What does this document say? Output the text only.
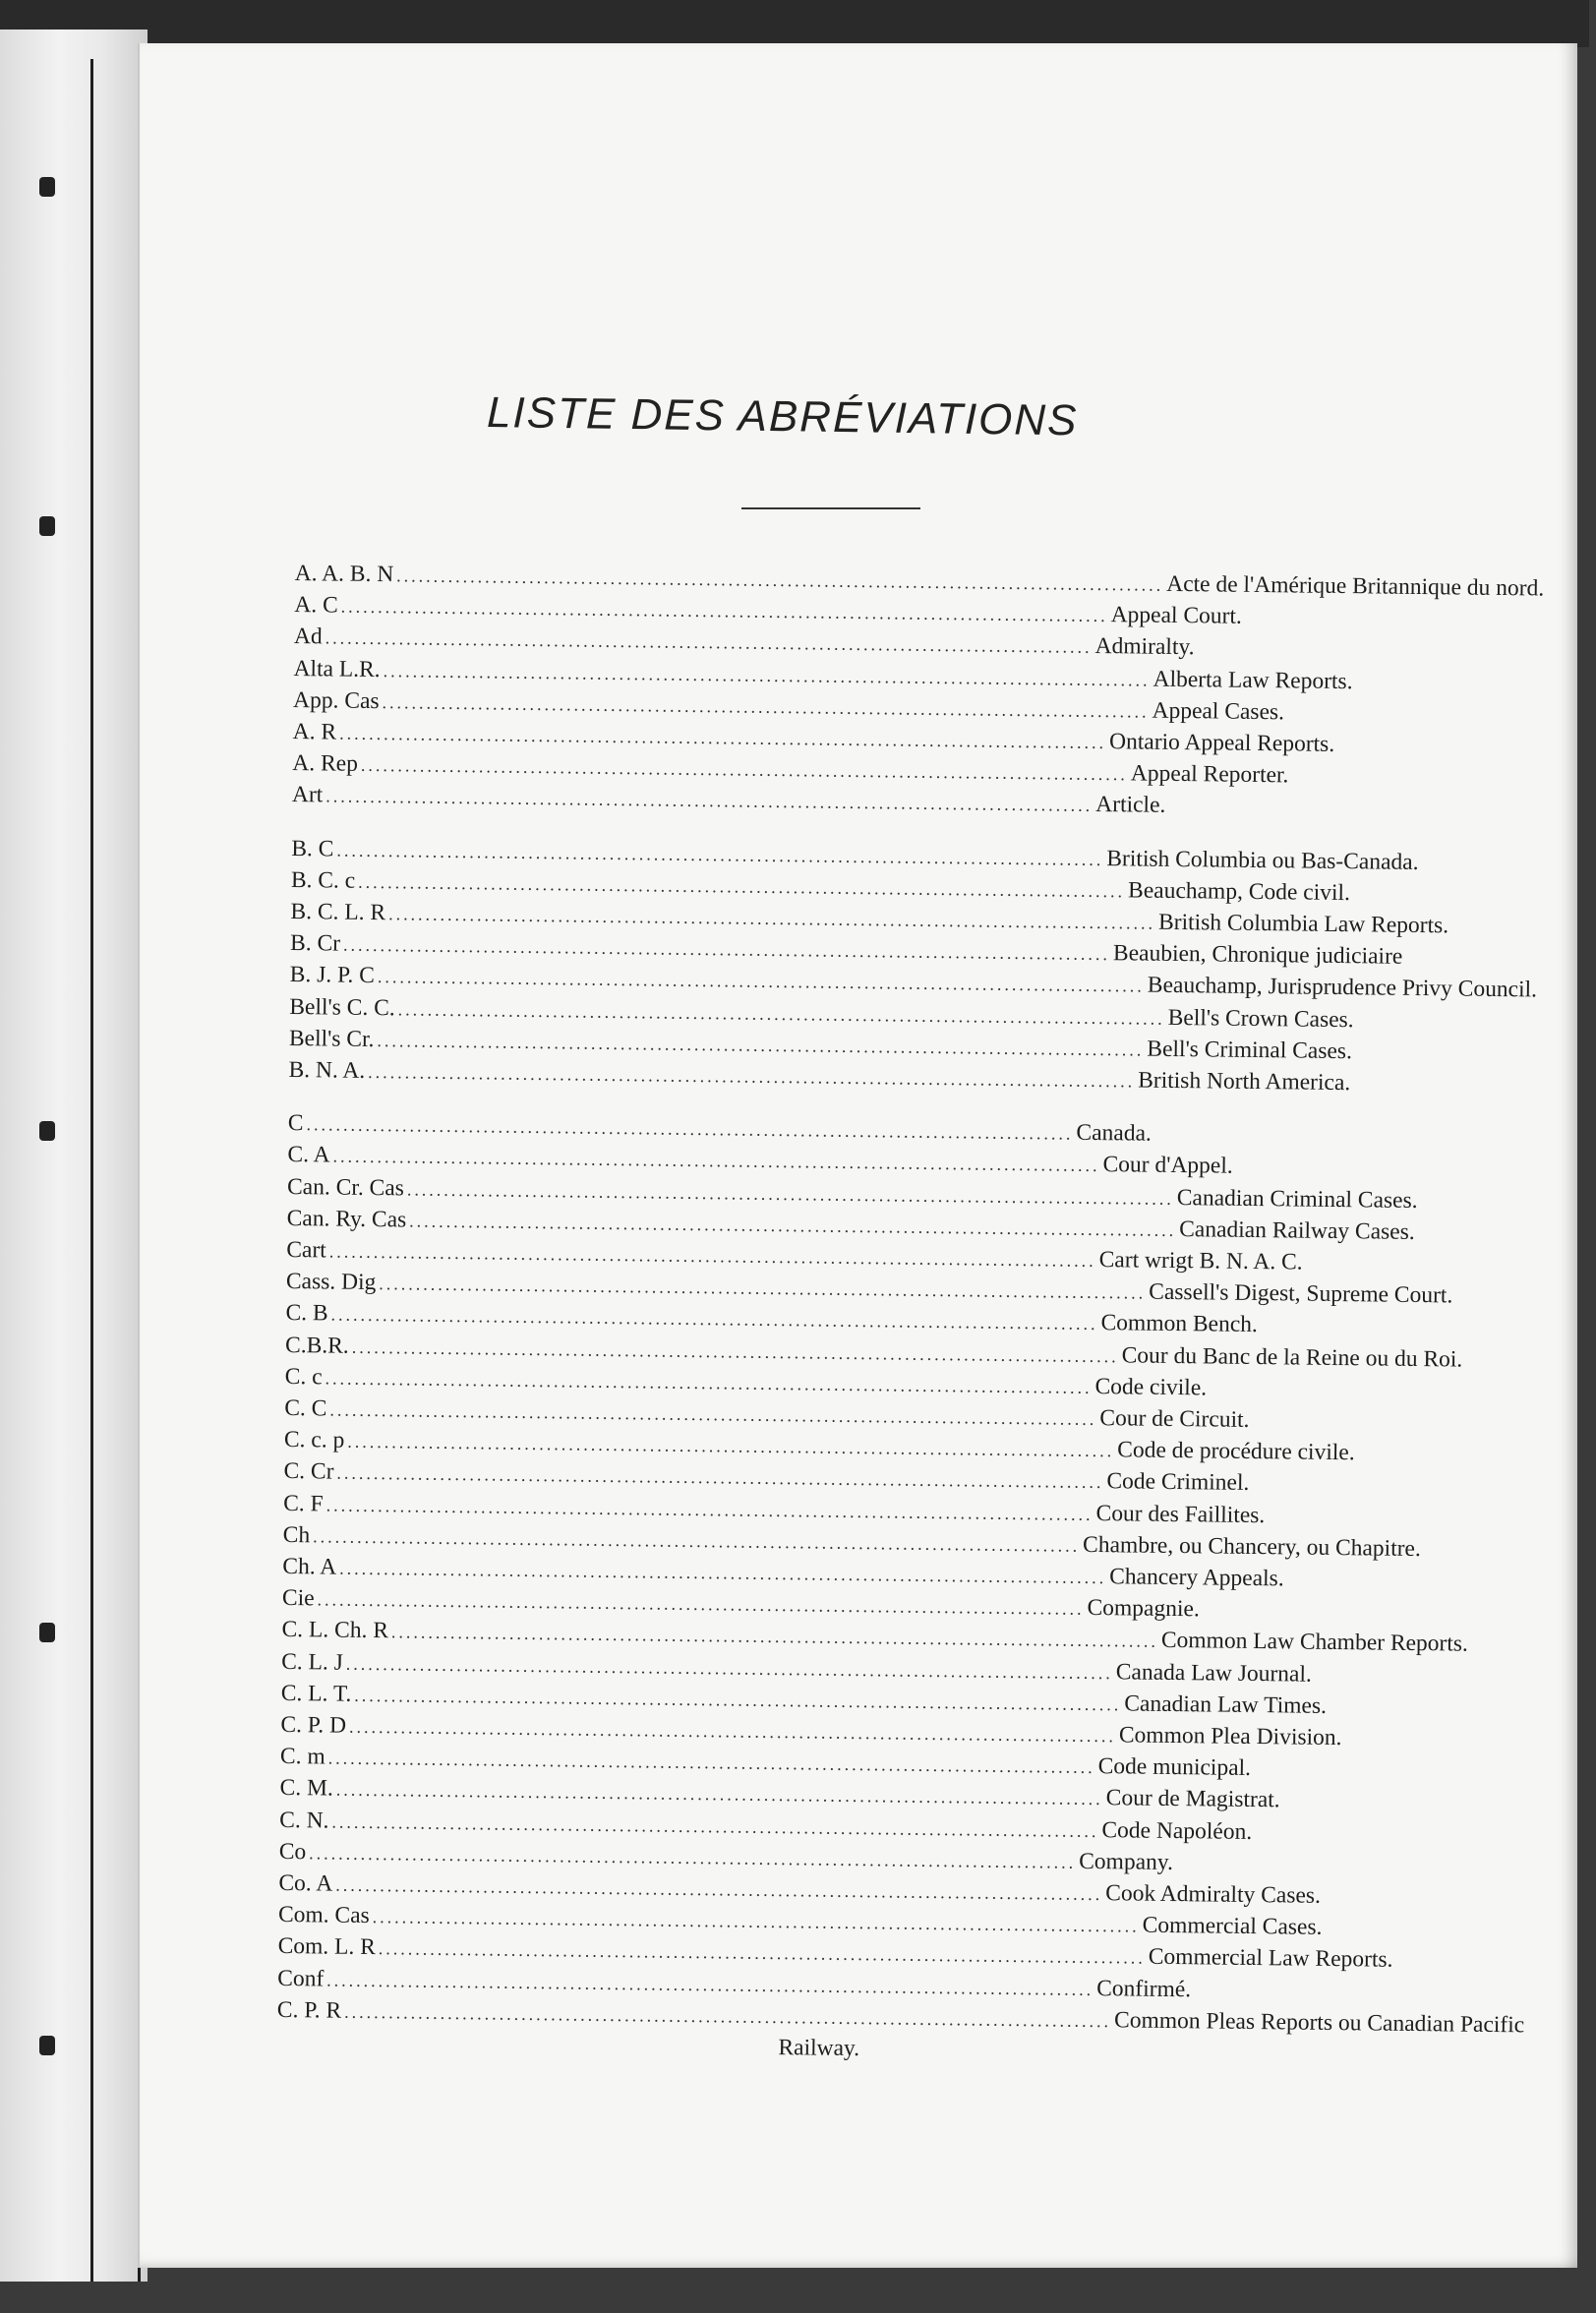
LISTE DES ABRÉVIATIONS
A. A. B. N ........................................................................................................ Acte de l'Amérique Britannique du nord.
A. C ........................................................................................................ Appeal Court.
Ad ........................................................................................................ Admiralty.
Alta L.R. ........................................................................................................ Alberta Law Reports.
App. Cas ........................................................................................................ Appeal Cases.
A. R ........................................................................................................ Ontario Appeal Reports.
A. Rep ........................................................................................................ Appeal Reporter.
Art ........................................................................................................ Article.
B. C ........................................................................................................ British Columbia ou Bas-Canada.
B. C. c ........................................................................................................ Beauchamp, Code civil.
B. C. L. R ........................................................................................................ British Columbia Law Reports.
B. Cr ........................................................................................................ Beaubien, Chronique judiciaire
B. J. P. C ........................................................................................................ Beauchamp, Jurisprudence Privy Council.
Bell's C. C. ........................................................................................................ Bell's Crown Cases.
Bell's Cr. ........................................................................................................ Bell's Criminal Cases.
B. N. A. ........................................................................................................ British North America.
C ........................................................................................................ Canada.
C. A ........................................................................................................ Cour d'Appel.
Can. Cr. Cas ........................................................................................................ Canadian Criminal Cases.
Can. Ry. Cas ........................................................................................................ Canadian Railway Cases.
Cart ........................................................................................................ Cart wrigt B. N. A. C.
Cass. Dig ........................................................................................................ Cassell's Digest, Supreme Court.
C. B ........................................................................................................ Common Bench.
C.B.R. ........................................................................................................ Cour du Banc de la Reine ou du Roi.
C. c ........................................................................................................ Code civile.
C. C ........................................................................................................ Cour de Circuit.
C. c. p ........................................................................................................ Code de procédure civile.
C. Cr ........................................................................................................ Code Criminel.
C. F ........................................................................................................ Cour des Faillites.
Ch ........................................................................................................ Chambre, ou Chancery, ou Chapitre.
Ch. A ........................................................................................................ Chancery Appeals.
Cie ........................................................................................................ Compagnie.
C. L. Ch. R ........................................................................................................ Common Law Chamber Reports.
C. L. J ........................................................................................................ Canada Law Journal.
C. L. T. ........................................................................................................ Canadian Law Times.
C. P. D ........................................................................................................ Common Plea Division.
C. m ........................................................................................................ Code municipal.
C. M. ........................................................................................................ Cour de Magistrat.
C. N. ........................................................................................................ Code Napoléon.
Co ........................................................................................................ Company.
Co. A ........................................................................................................ Cook Admiralty Cases.
Com. Cas ........................................................................................................ Commercial Cases.
Com. L. R ........................................................................................................ Commercial Law Reports.
Conf ........................................................................................................ Confirmé.
C. P. R ........................................................................................................ Common Pleas Reports ou Canadian Pacific
Railway.
